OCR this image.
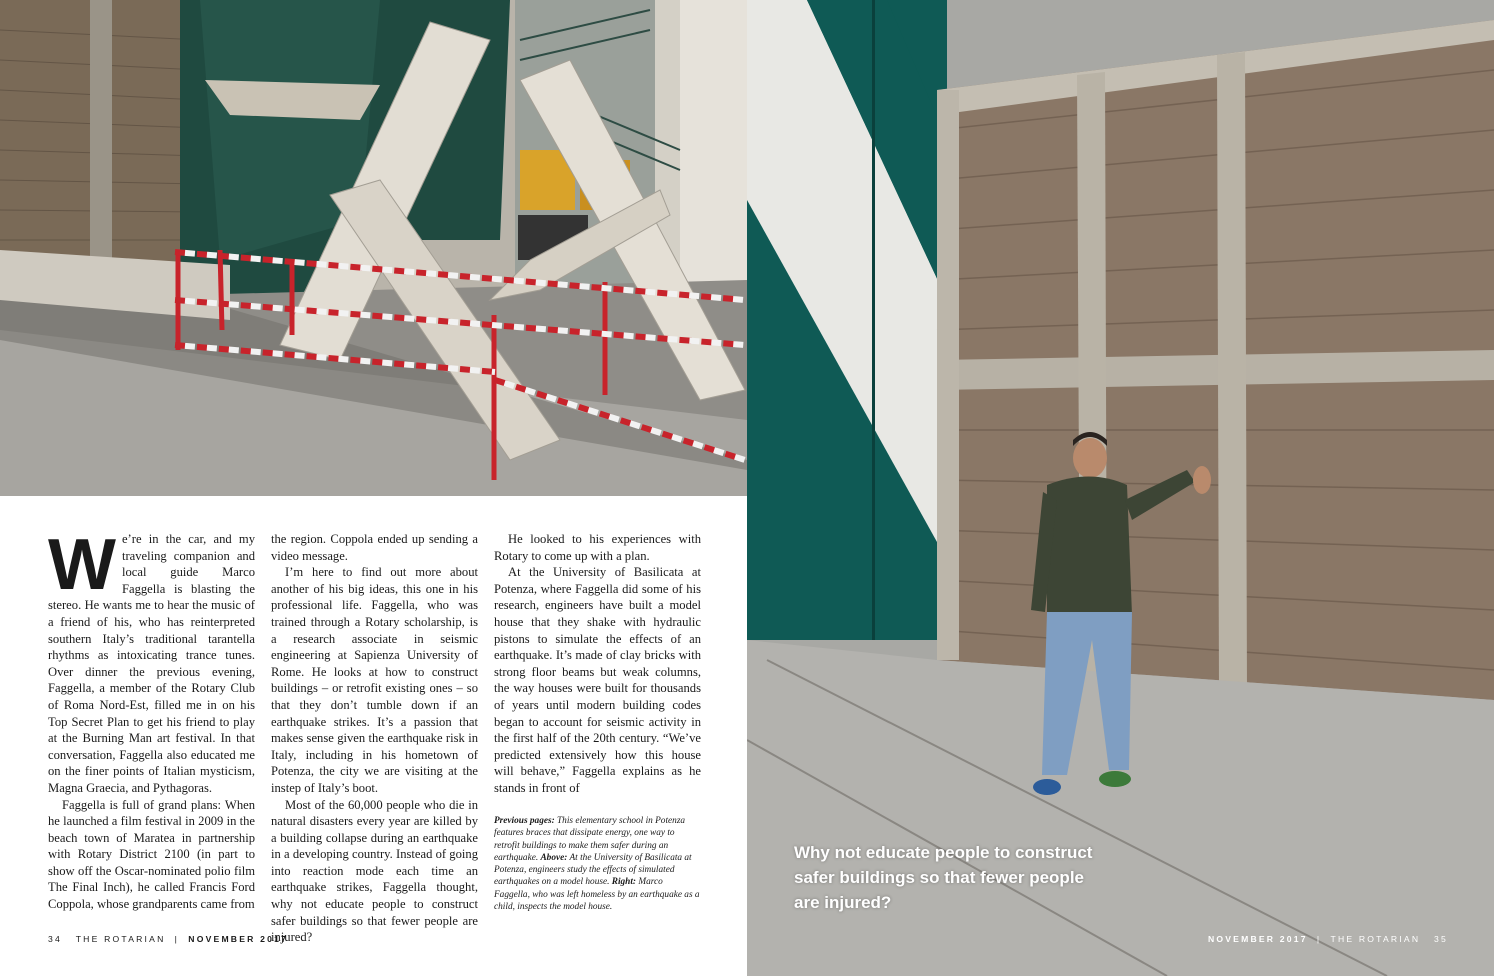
W e’re in the car, and my traveling companion and local guide Marco Faggella is blasting the stereo. He wants me to hear the music of a friend of his, who has reinterpreted southern Italy’s traditional tarantella rhythms as intoxicating trance tunes. Over dinner the previous evening, Faggella, a member of the Rotary Club of Roma Nord-Est, filled me in on his Top Secret Plan to get his friend to play at the Burning Man art festival. In that conversation, Faggella also educated me on the finer points of Italian mysticism, Magna Graecia, and Pythagoras.

Faggella is full of grand plans: When he launched a film festival in 2009 in the beach town of Maratea in partnership with Rotary District 2100 (in part to show off the Oscar-nominated polio film The Final Inch), he called Francis Ford Coppola, whose grandparents came from

the region. Coppola ended up sending a video message.

I’m here to find out more about another of his big ideas, this one in his professional life. Faggella, who was trained through a Rotary scholarship, is a research associate in seismic engineering at Sapienza University of Rome. He looks at how to construct buildings – or retrofit existing ones – so that they don’t tumble down if an earthquake strikes. It’s a passion that makes sense given the earthquake risk in Italy, including in his hometown of Potenza, the city we are visiting at the instep of Italy’s boot.

Most of the 60,000 people who die in natural disasters every year are killed by a building collapse during an earthquake in a developing country. Instead of going into reaction mode each time an earthquake strikes, Faggella thought, why not educate people to construct safer buildings so that fewer people are injured?

He looked to his experiences with Rotary to come up with a plan.

At the University of Basilicata at Potenza, where Faggella did some of his research, engineers have built a model house that they shake with hydraulic pistons to simulate the effects of an earthquake. It’s made of clay bricks with strong floor beams but weak columns, the way houses were built for thousands of years until modern building codes began to account for seismic activity in the first half of the 20th century. “We’ve predicted extensively how this house will behave,” Faggella explains as he stands in front of

Previous pages: This elementary school in Potenza features braces that dissipate energy, one way to retrofit buildings to make them safer during an earthquake. Above: At the University of Basilicata at Potenza, engineers study the effects of simulated earthquakes on a model house. Right: Marco Faggella, who was left homeless by an earthquake as a child, inspects the model house.
34 THE ROTARIAN | NOVEMBER 2017
Why not educate people to construct safer buildings so that fewer people are injured?
NOVEMBER 2017 | THE ROTARIAN 35
